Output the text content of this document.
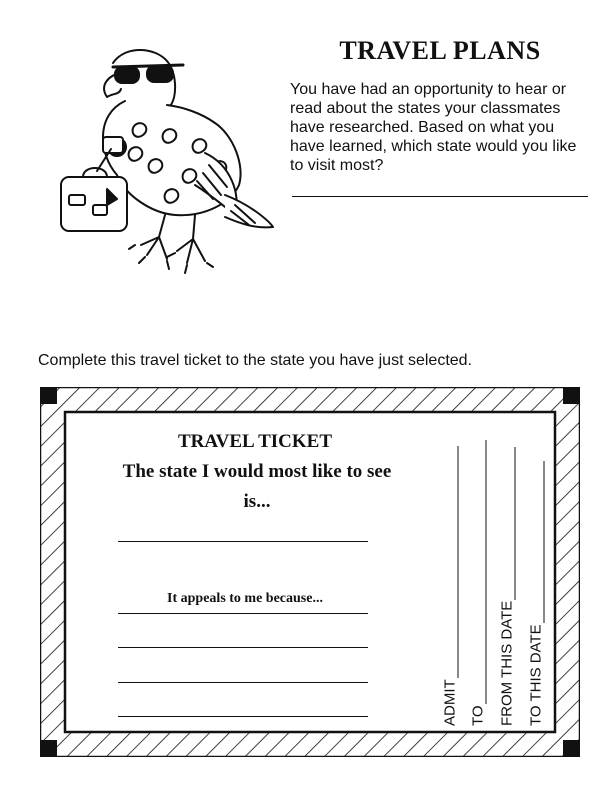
TRAVEL PLANS
You have had an opportunity to hear or read about the states your classmates have researched. Based on what you have learned, which state would you like to visit most?
Complete this travel ticket to the state you have just selected.
TRAVEL TICKET
The state I would most like to see is...
It appeals to me because...
ADMIT TO FROM THIS DATE TO THIS DATE
